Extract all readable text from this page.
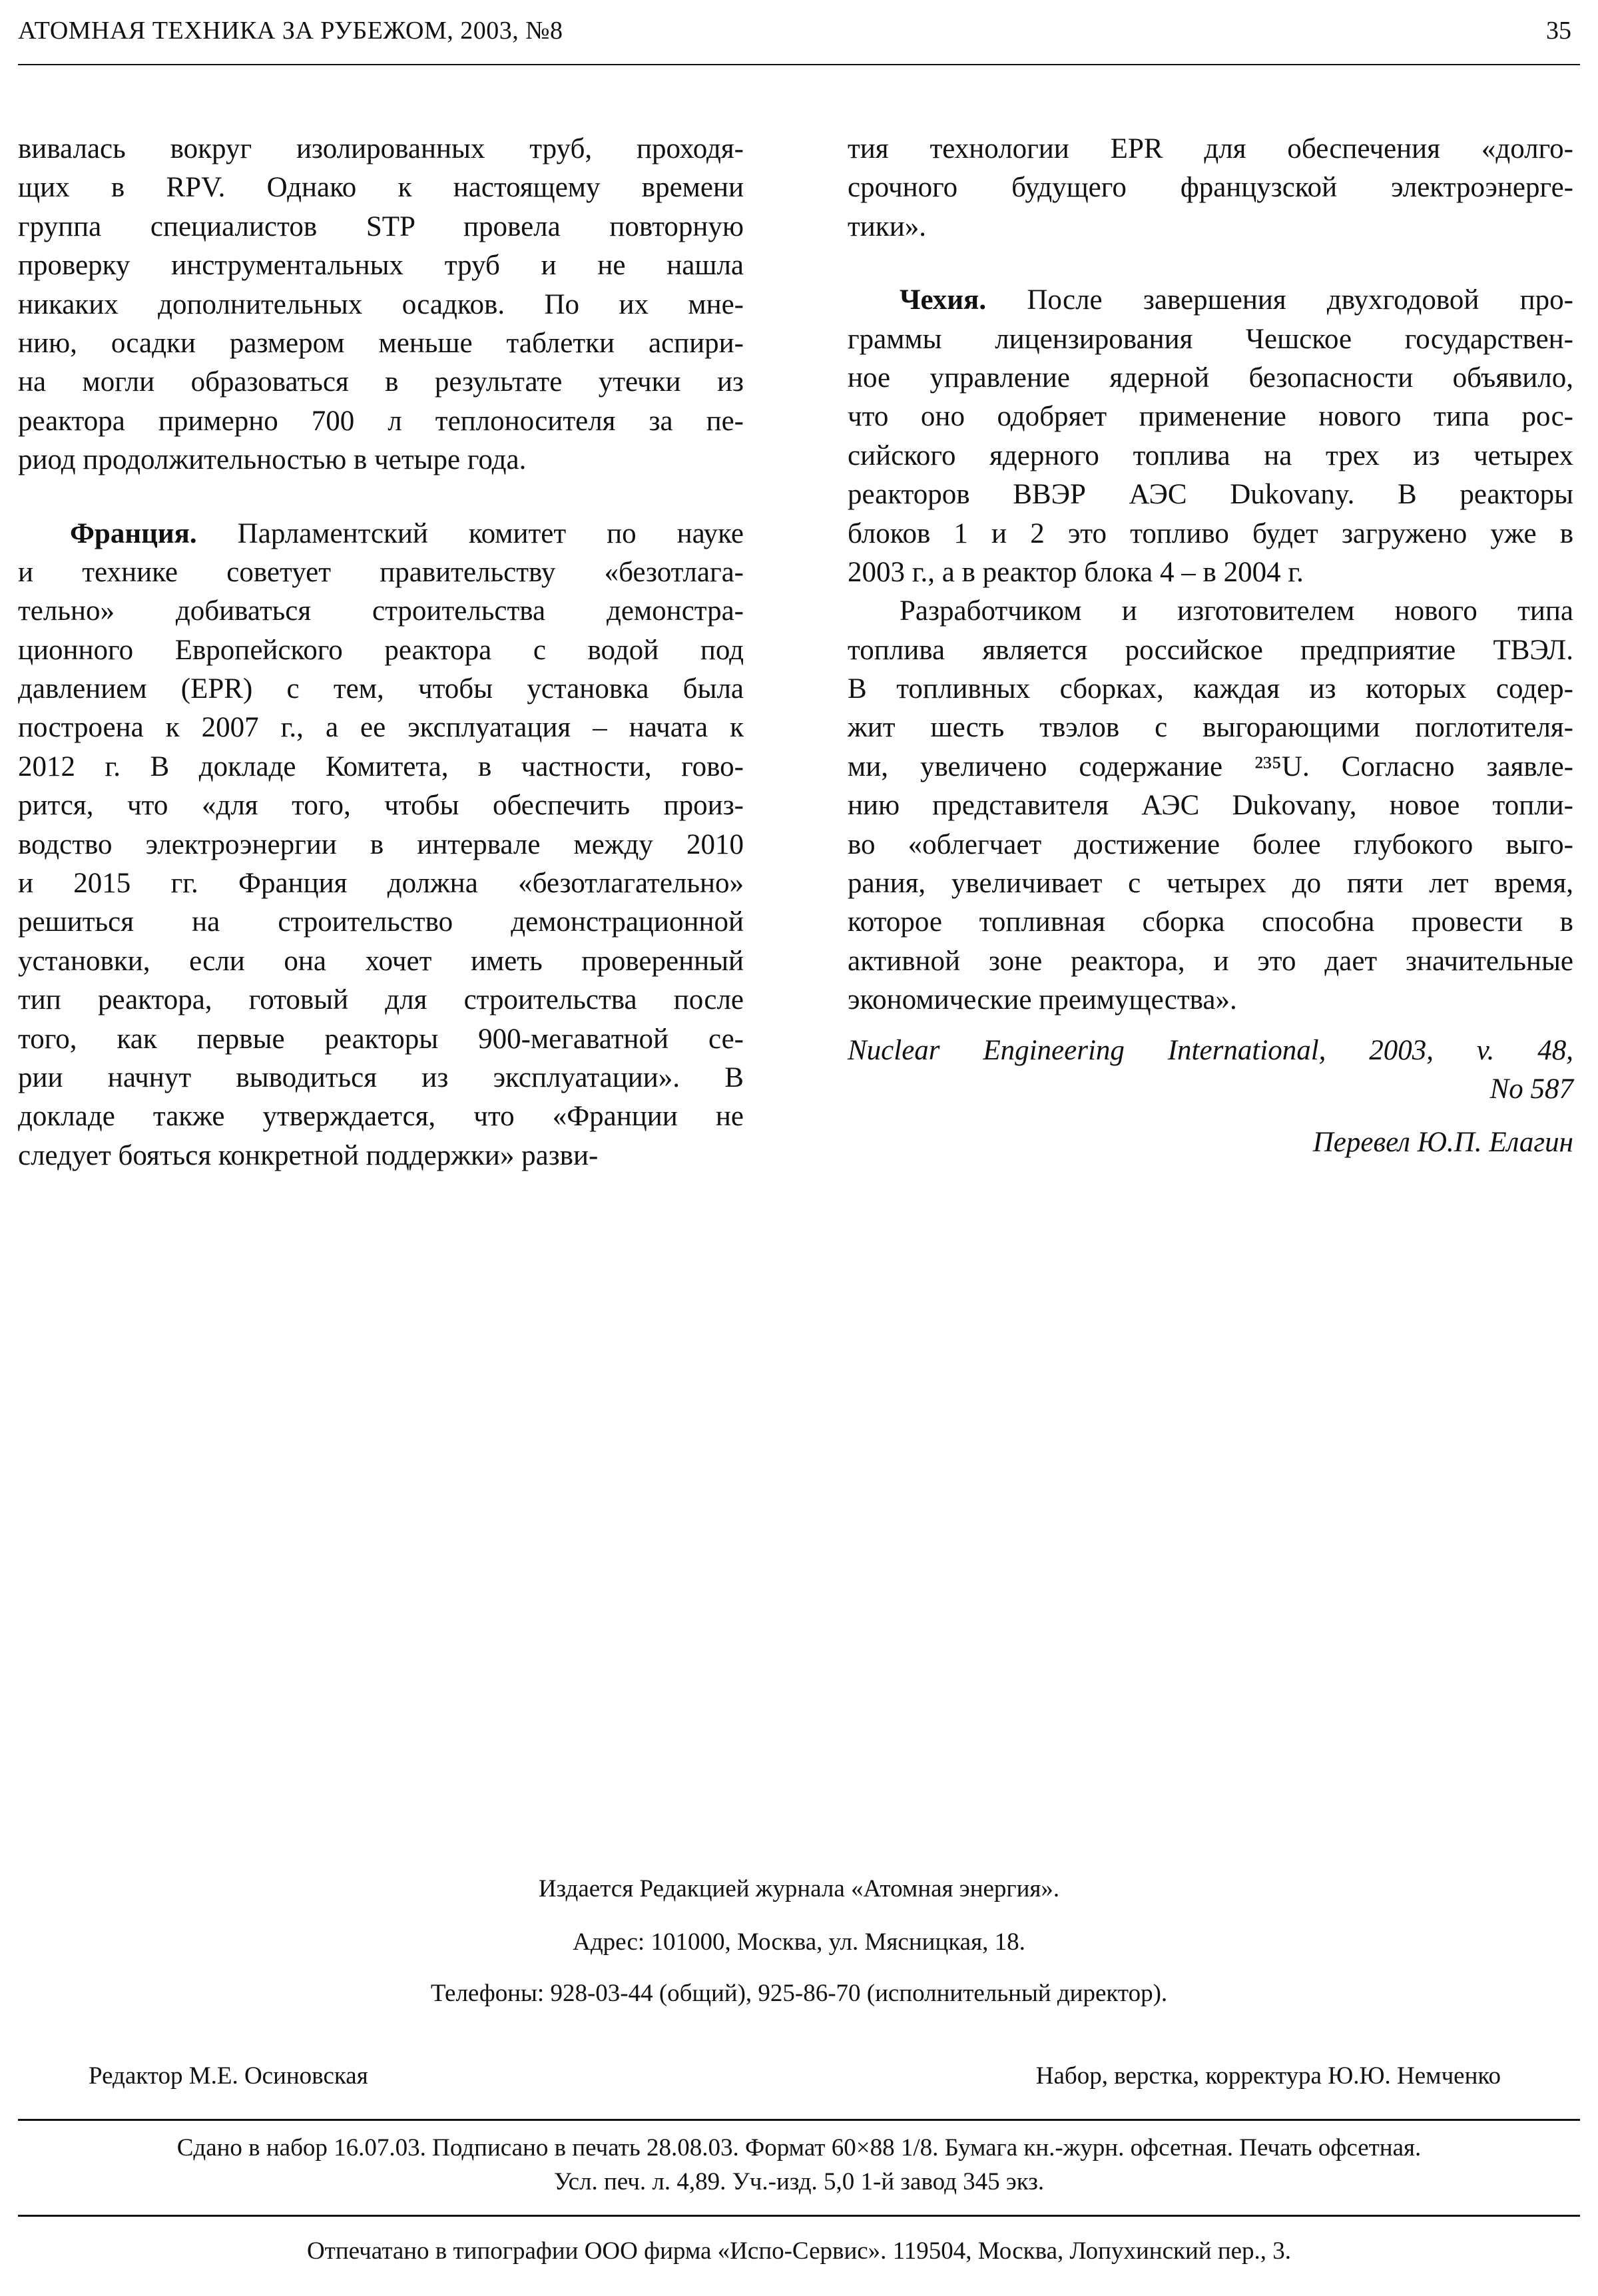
АТОМНАЯ ТЕХНИКА ЗА РУБЕЖОМ, 2003, №8	35
вивалась вокруг изолированных труб, проходя-
щих в RPV. Однако к настоящему времени
группа специалистов STP провела повторную
проверку инструментальных труб и не нашла
никаких дополнительных осадков. По их мне-
нию, осадки размером меньше таблетки аспири-
на могли образоваться в результате утечки из
реактора примерно 700 л теплоносителя за пе-
риод продолжительностью в четыре года.
Франция. Парламентский комитет по науке
и технике советует правительству «безотлага-
тельно» добиваться строительства демонстра-
ционного Европейского реактора с водой под
давлением (EPR) с тем, чтобы установка была
построена к 2007 г., а ее эксплуатация – начата к
2012 г. В докладе Комитета, в частности, гово-
рится, что «для того, чтобы обеспечить произ-
водство электроэнергии в интервале между 2010
и 2015 гг. Франция должна «безотлагательно»
решиться на строительство демонстрационной
установки, если она хочет иметь проверенный
тип реактора, готовый для строительства после
того, как первые реакторы 900-мегаватной се-
рии начнут выводиться из эксплуатации». В
докладе также утверждается, что «Франции не
следует бояться конкретной поддержки» разви-
тия технологии EPR для обеспечения «долго-
срочного будущего французской электроэнерге-
тики».
Чехия. После завершения двухгодовой про-
граммы лицензирования Чешское государствен-
ное управление ядерной безопасности объявило,
что оно одобряет применение нового типа рос-
сийского ядерного топлива на трех из четырех
реакторов ВВЭР АЭС Dukovany. В реакторы
блоков 1 и 2 это топливо будет загружено уже в
2003 г., а в реактор блока 4 – в 2004 г.
Разработчиком и изготовителем нового типа
топлива является российское предприятие ТВЭЛ.
В топливных сборках, каждая из которых содер-
жит шесть твэлов с выгорающими поглотителя-
ми, увеличено содержание ²³⁵U. Согласно заявле-
нию представителя АЭС Dukovany, новое топли-
во «облегчает достижение более глубокого выго-
рания, увеличивает с четырех до пяти лет время,
которое топливная сборка способна провести в
активной зоне реактора, и это дает значительные
экономические преимущества».
Nuclear Engineering International, 2003, v. 48,
No 587
Перевел Ю.П. Елагин
Издается Редакцией журнала «Атомная энергия».
Адрес: 101000, Москва, ул. Мясницкая, 18.
Телефоны: 928-03-44 (общий), 925-86-70 (исполнительный директор).
Редактор М.Е. Осиновская	Набор, верстка, корректура Ю.Ю. Немченко
Сдано в набор 16.07.03. Подписано в печать 28.08.03. Формат 60×88 1/8. Бумага кн.-журн. офсетная. Печать офсетная.
Усл. печ. л. 4,89. Уч.-изд. 5,0 1-й завод 345 экз.
Отпечатано в типографии ООО фирма «Испо-Сервис». 119504, Москва, Лопухинский пер., 3.
